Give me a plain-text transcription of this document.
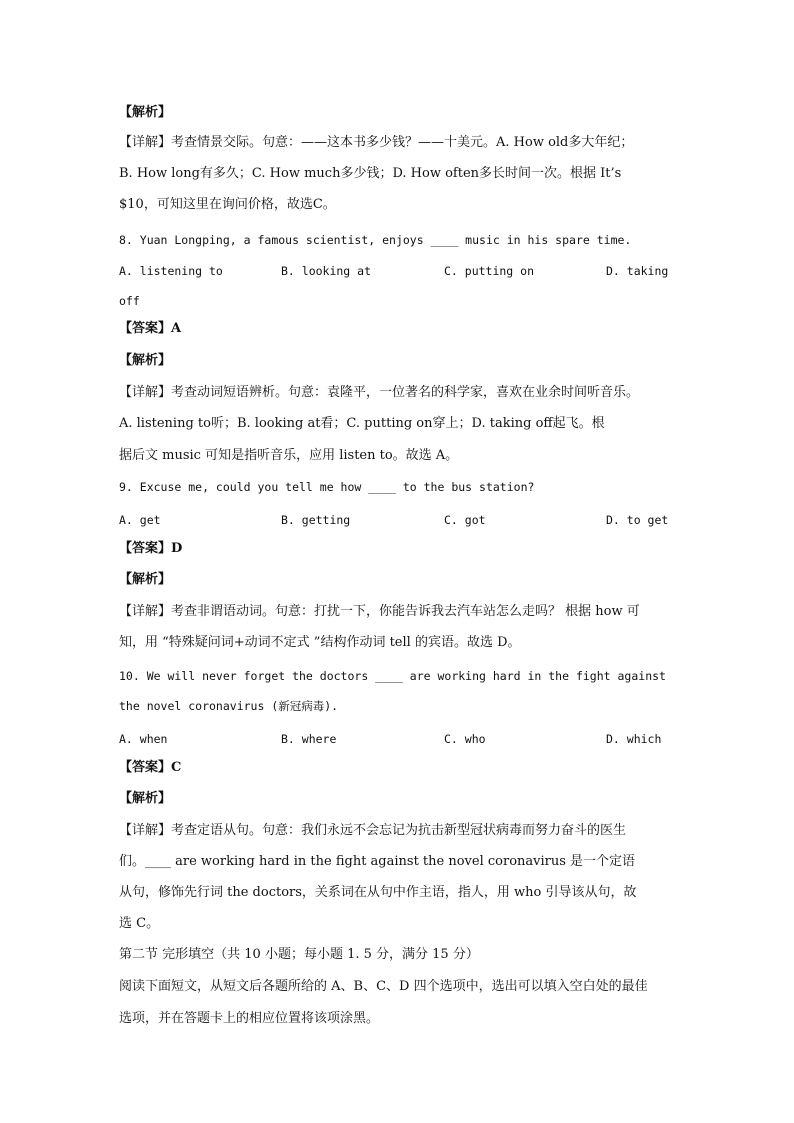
【解析】
【详解】考查情景交际。句意：——这本书多少钱？——十美元。A. How old多大年纪；
B. How long有多久；C. How much多少钱；D. How often多长时间一次。根据 It’s
$10，可知这里在询问价格，故选C。
8. Yuan Longping, a famous scientist, enjoys ____ music in his spare time.
A. listening to	B. looking at	C. putting on	D. taking
off
【答案】A
【解析】
【详解】考查动词短语辨析。句意：袁隆平，一位著名的科学家，喜欢在业余时间听音乐。
A. listening to听；B. looking at看；C. putting on穿上；D. taking off起飞。根
据后文 music 可知是指听音乐，应用 listen to。故选 A。
9. Excuse me, could you tell me how ____ to the bus station?
A. get	B. getting	C. got	D. to get
【答案】D
【解析】
【详解】考查非谓语动词。句意：打扰一下，你能告诉我去汽车站怎么走吗？ 根据 how 可
知，用 “特殊疑问词+动词不定式 ”结构作动词 tell 的宾语。故选 D。
10. We will never forget the doctors ____ are working hard in the fight against
the novel coronavirus (新冠病毒).
A. when	B. where	C. who	D. which
【答案】C
【解析】
【详解】考查定语从句。句意：我们永远不会忘记为抗击新型冠状病毒而努力奋斗的医生
们。____ are working hard in the fight against the novel coronavirus 是一个定语
从句，修饰先行词 the doctors，关系词在从句中作主语，指人，用 who 引导该从句，故
选 C。
第二节 完形填空（共 10 小题；每小题 1. 5 分，满分 15 分）
阅读下面短文，从短文后各题所给的 A、B、C、D 四个选项中，选出可以填入空白处的最佳
选项，并在答题卡上的相应位置将该项涂黑。
